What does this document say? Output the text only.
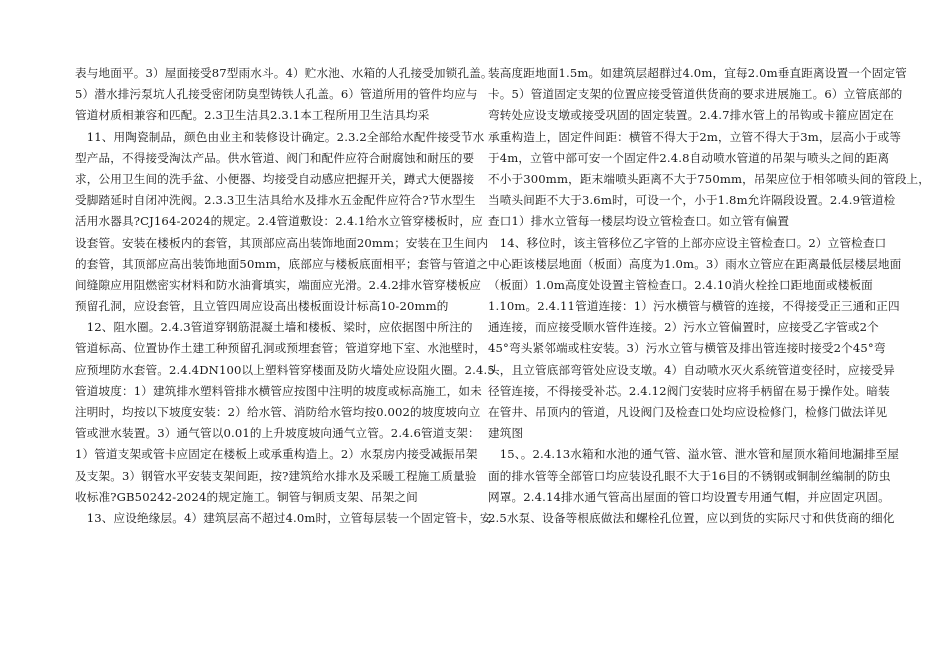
表与地面平。3）屋面接受87型雨水斗。4）贮水池、水箱的人孔接受加锁孔盖。
5）潜水排污泵坑人孔接受密闭防臭型铸铁人孔盖。6）管道所用的管件均应与
管道材质相兼容和匹配。2.3卫生洁具2.3.1本工程所用卫生洁具均采
　11、用陶瓷制品，颜色由业主和装修设计确定。2.3.2全部给水配件接受节水
型产品，不得接受淘汰产品。供水管道、阀门和配件应符合耐腐蚀和耐压的要
求，公用卫生间的洗手盆、小便器、均接受自动感应把握开关，蹲式大便器接
受脚踏延时自闭冲洗阀。2.3.3卫生洁具给水及排水五金配件应符合?节水型生
活用水器具?CJ164-2024的规定。2.4管道敷设：2.4.1给水立管穿楼板时，应
设套管。安装在楼板内的套管，其顶部应高出装饰地面20mm；安装在卫生间内
的套管，其顶部应高出装饰地面50mm，底部应与楼板底面相平；套管与管道之
间缝隙应用阻燃密实材料和防水油膏填实，端面应光滑。2.4.2排水管穿楼板应
预留孔洞，应设套管，且立管四周应设高出楼板面设计标高10-20mm的
　12、阻水圈。2.4.3管道穿钢筋混凝土墙和楼板、梁时，应依据图中所注的
管道标高、位置协作土建工种预留孔洞或预埋套管；管道穿地下室、水池壁时，
应预埋防水套管。2.4.4DN100以上塑料管穿楼面及防火墙处应设阻火圈。2.4.5
管道坡度：1）建筑排水塑料管排水横管应按图中注明的坡度或标高施工，如未
注明时，均按以下坡度安装：2）给水管、消防给水管均按0.002的坡度坡向立
管或泄水装置。3）通气管以0.01的上升坡度坡向通气立管。2.4.6管道支架：
1）管道支架或管卡应固定在楼板上或承重构造上。2）水泵房内接受减振吊架
及支架。3）钢管水平安装支架间距，按?建筑给水排水及采暖工程施工质量验
收标准?GB50242-2024的规定施工。铜管与铜质支架、吊架之间
　13、应设绝缘层。4）建筑层高不超过4.0m时，立管每层装一个固定管卡，安
装高度距地面1.5m。如建筑层超群过4.0m，宜每2.0m垂直距离设置一个固定管
卡。5）管道固定支架的位置应接受管道供货商的要求进展施工。6）立管底部的
弯转处应设支墩或接受巩固的固定装置。2.4.7排水管上的吊钩或卡箍应固定在
承重构造上，固定件间距：横管不得大于2m，立管不得大于3m，层高小于或等
于4m，立管中部可安一个固定件2.4.8自动喷水管道的吊架与喷头之间的距离
不小于300mm，距末端喷头距离不大于750mm，吊架应位于相邻喷头间的管段上，
当喷头间距不大于3.6m时，可设一个，小于1.8m允许隔段设置。2.4.9管道检
查口1）排水立管每一楼层均设立管检查口。如立管有偏置
　14、移位时，该主管移位乙字管的上部亦应设主管检查口。2）立管检查口
中心距该楼层地面（板面）高度为1.0m。3）雨水立管应在距离最低层楼层地面
（板面）1.0m高度处设置主管检查口。2.4.10消火栓拴口距地面或楼板面
1.10m。2.4.11管道连接：1）污水横管与横管的连接，不得接受正三通和正四
通连接，而应接受顺水管件连接。2）污水立管偏置时，应接受乙字管或2个
45°弯头紧邻端或柱安装。3）污水立管与横管及排出管连接时接受2个45°弯
头，且立管底部弯管处应设支墩。4）自动喷水灭火系统管道变径时，应接受异
径管连接，不得接受补芯。2.4.12阀门安装时应将手柄留在易于操作处。暗装
在管井、吊顶内的管道，凡设阀门及检查口处均应设检修门，检修门做法详见
建筑图
　15、。2.4.13水箱和水池的通气管、溢水管、泄水管和屋顶水箱间地漏排至屋
面的排水管等全部管口均应装设孔眼不大于16目的不锈钢或铜制丝编制的防虫
网罩。2.4.14排水通气管高出屋面的管口均设置专用通气帽，并应固定巩固。
2.5水泵、设备等根底做法和螺栓孔位置，应以到货的实际尺寸和供货商的细化
